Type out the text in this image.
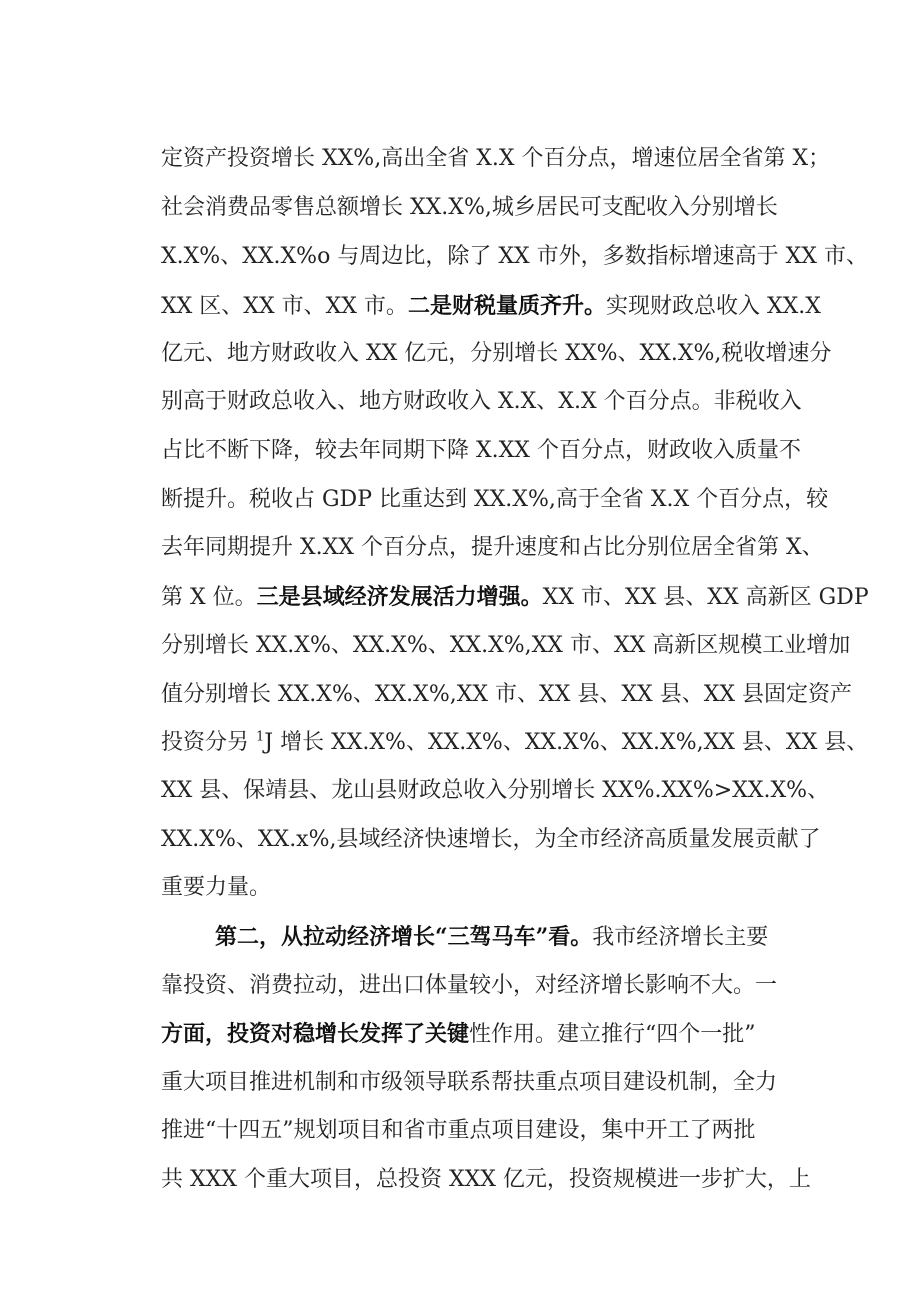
定资产投资增长 XX%,高出全省 X.X 个百分点，增速位居全省第 X；

社会消费品零售总额增长 XX.X%,城乡居民可支配收入分别增长

X.X%、XX.X%o 与周边比，除了 XX 市外，多数指标增速高于 XX 市、

XX 区、XX 市、XX 市。二是财税量质齐升。实现财政总收入 XX.X

亿元、地方财政收入 XX 亿元，分别增长 XX%、XX.X%,税收增速分

别高于财政总收入、地方财政收入 X.X、X.X 个百分点。非税收入

占比不断下降，较去年同期下降 X.XX 个百分点，财政收入质量不

断提升。税收占 GDP 比重达到 XX.X%,高于全省 X.X 个百分点，较

去年同期提升 X.XX 个百分点，提升速度和占比分别位居全省第 X、

第 X 位。三是县域经济发展活力增强。XX 市、XX 县、XX 高新区 GDP

分别增长 XX.X%、XX.X%、XX.X%,XX 市、XX 高新区规模工业增加

值分别增长 XX.X%、XX.X%,XX 市、XX 县、XX 县、XX 县固定资产

投资分另 $^1$J 增长 XX.X%、XX.X%、XX.X%、XX.X%,XX 县、XX 县、

XX 县、保靖县、龙山县财政总收入分别增长 XX%.XX%>XX.X%、

XX.X%、XX.x%,县域经济快速增长，为全市经济高质量发展贡献了

重要力量。

第二，从拉动经济增长“三驾马车”看。我市经济增长主要

靠投资、消费拉动，进出口体量较小，对经济增长影响不大。一

方面，投资对稳增长发挥了关键性作用。建立推行“四个一批”

重大项目推进机制和市级领导联系帮扶重点项目建设机制，全力

推进“十四五”规划项目和省市重点项目建设，集中开工了两批

共 XXX 个重大项目，总投资 XXX 亿元，投资规模进一步扩大，上
